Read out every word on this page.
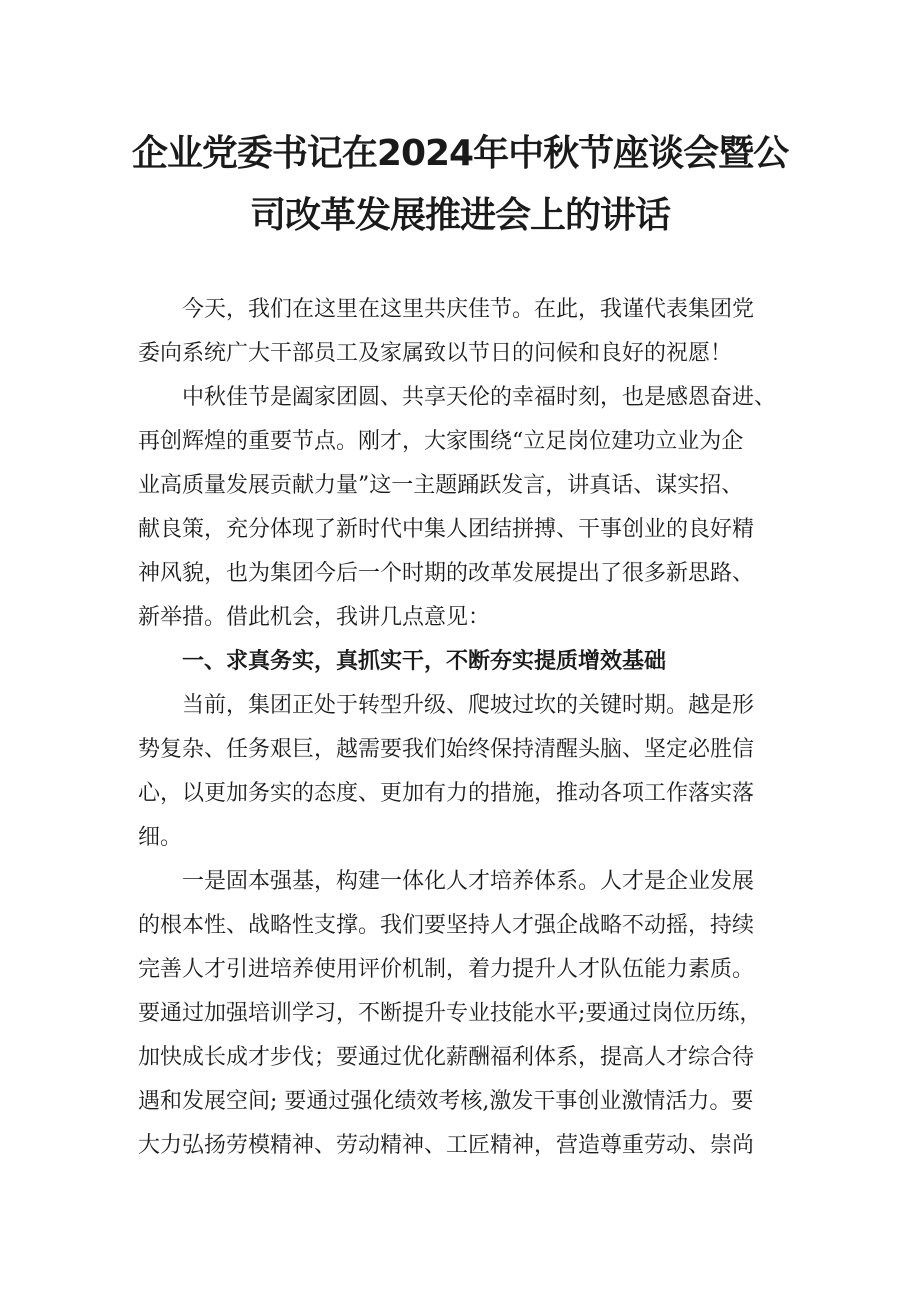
企业党委书记在2024年中秋节座谈会暨公
司改革发展推进会上的讲话

今天，我们在这里在这里共庆佳节。在此，我谨代表集团党

委向系统广大干部员工及家属致以节日的问候和良好的祝愿！

中秋佳节是阖家团圆、共享天伦的幸福时刻，也是感恩奋进、

再创辉煌的重要节点。刚才，大家围绕“立足岗位建功立业为企

业高质量发展贡献力量”这一主题踊跃发言，讲真话、谋实招、

献良策，充分体现了新时代中集人团结拼搏、干事创业的良好精

神风貌，也为集团今后一个时期的改革发展提出了很多新思路、

新举措。借此机会，我讲几点意见：

一、求真务实，真抓实干，不断夯实提质增效基础

当前，集团正处于转型升级、爬坡过坎的关键时期。越是形

势复杂、任务艰巨，越需要我们始终保持清醒头脑、坚定必胜信

心，以更加务实的态度、更加有力的措施，推动各项工作落实落

细。

一是固本强基，构建一体化人才培养体系。人才是企业发展

的根本性、战略性支撑。我们要坚持人才强企战略不动摇，持续

完善人才引进培养使用评价机制，着力提升人才队伍能力素质。

要通过加强培训学习，不断提升专业技能水平;要通过岗位历练，

加快成长成才步伐；要通过优化薪酬福利体系，提高人才综合待

遇和发展空间; 要通过强化绩效考核,激发干事创业激情活力。要

大力弘扬劳模精神、劳动精神、工匠精神，营造尊重劳动、崇尚
